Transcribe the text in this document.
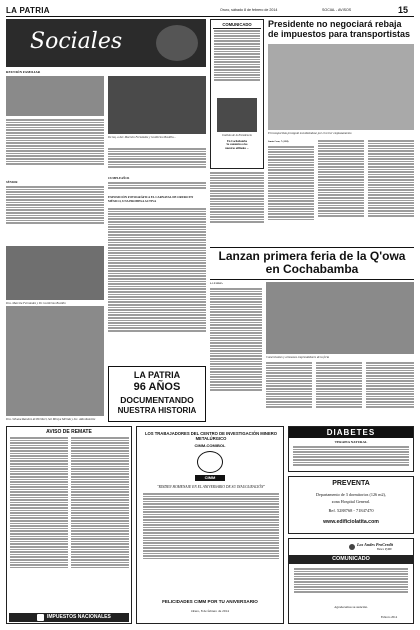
LA PATRIA	Oruro, sábado 8 de febrero de 2014	SOCIAL - AVISOS	15
Sociales
REUNIÓN FAMILIAR
SÉNIOR
De izq. a der. Marcelo Fernández y Guillermo Bustillo...
CUMPLEAÑOS
EXPOSICIÓN FOTOGRÁFICA EL CARNAVAL DE ORURO EN MÉXICO, UNA PROMESA ACTIVA
Dra. Marcela Fernández y Dr. Guillermo Bustillo
LA PATRIA
96 AÑOS
DOCUMENTANDO
NUESTRA HISTORIA
Dra. Silvana Ramírez de Heribert, Sol Mireya Mérida y Lic. Aldo Ramírez
COMUNICADO
Instituto de la Presidencia
En Cochabamba
Se comunica a los
nuestros afiliados ...
Presidente no negociará rebaja de impuestos para transportistas
El transportista prosiguió movilizándose por el tercer emplazamiento
Santa Cruz, 7 (ABI)
Lanzan primera feria de la Q'owa en Cochabamba
LA PATRIA
Comerciantes y artesanos emprendedores de la feria
AVISO DE REMATE
IMPUESTOS NACIONALES
LOS TRABAJADORES DEL CENTRO DE INVESTIGACIÓN MINERO METALÚRGICO
CIMM-COMIBOL
CIMM
"RINDEN HOMENAJE EN EL ANIVERSARIO DE SU INAUGURACIÓN"
FELICIDADES CIMM POR TU ANIVERSARIO
Oruro, 8 de febrero de 2014
DIABETES
TERAPIA NATURAL
PREVENTA
Departamento de 3 dormitorios (126 m2),
zona Hospital General.
Ref. 5288768 - 71847470
www.edificiolatita.com
Los Andes ProCredit
Banco PyME
COMUNICADO
Agradecemos su atención.
Febrero 2014
